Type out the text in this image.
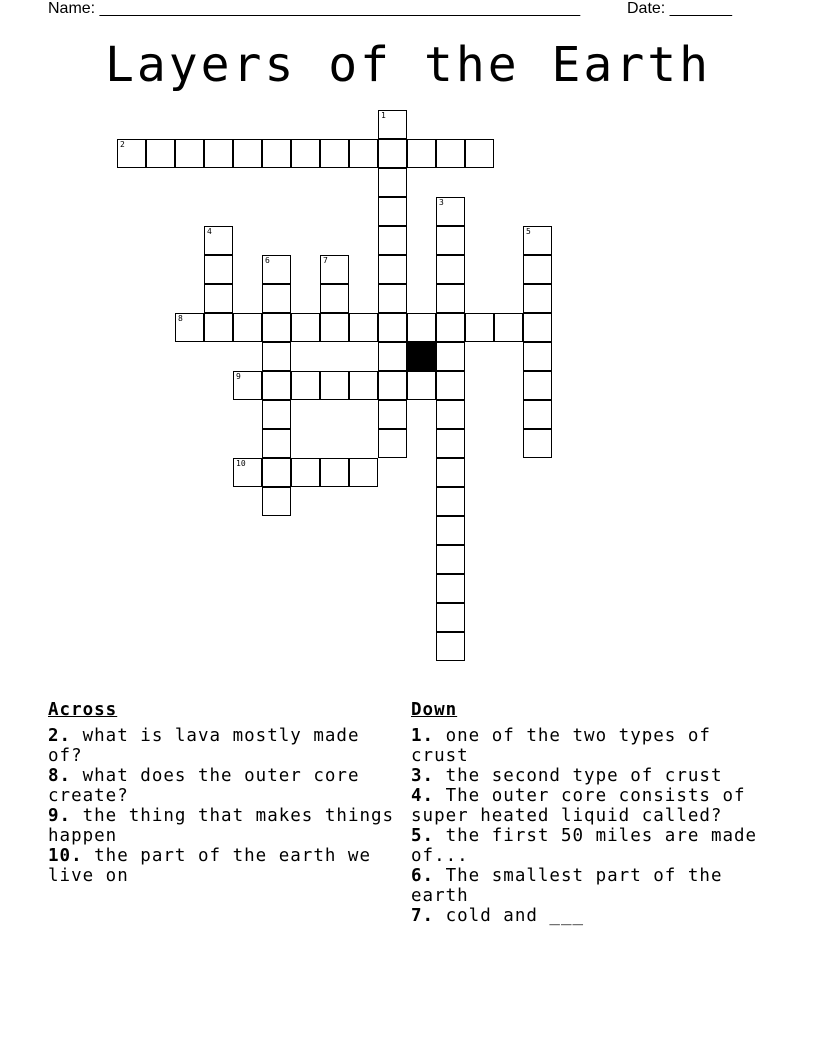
Name: ______________________________________________________	Date: _______
Layers of the Earth
1
2
3
4	5
6	7
8
9
10
Across
2. what is lava mostly made of?
8. what does the outer core create?
9. the thing that makes things happen
10. the part of the earth we live on
Down
1. one of the two types of crust
3. the second type of crust
4. The outer core consists of super heated liquid called?
5. the first 50 miles are made of...
6. The smallest part of the earth
7. cold and ___
